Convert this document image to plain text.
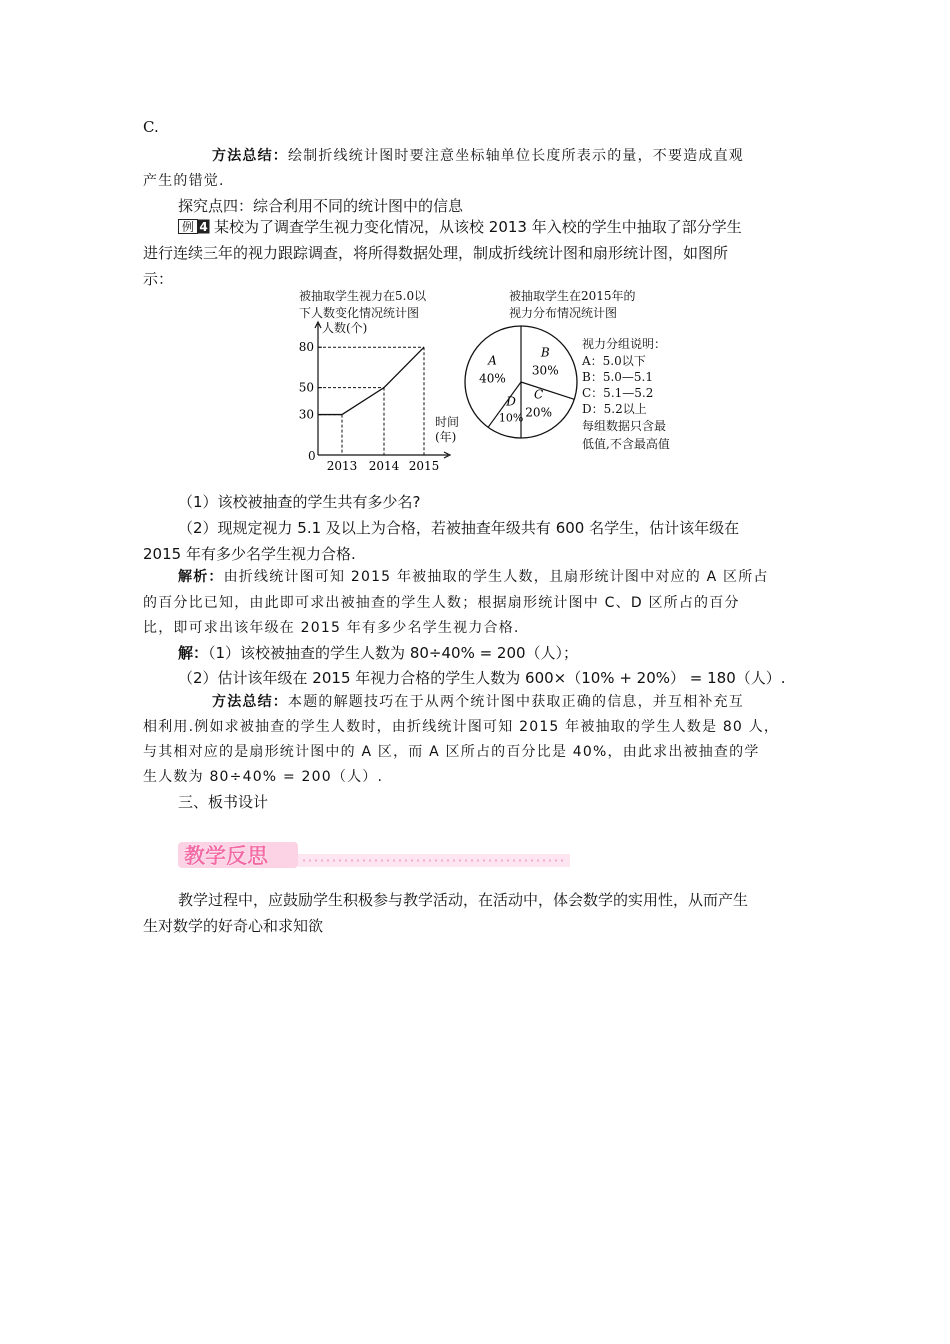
C.

方法总结：绘制折线统计图时要注意坐标轴单位长度所表示的量，不要造成直观

产生的错觉.

探究点四：综合利用不同的统计图中的信息

例 4
例4
某校为了调查学生视力变化情况，从该校 2013 年入校的学生中抽取了部分学生

进行连续三年的视力跟踪调查，将所得数据处理，制成折线统计图和扇形统计图，如图所

示：

被抽取学生视力在5.0以
下人数变化情况统计图
被抽取学生在2015年的
视力分布情况统计图
人数(个)
时间
(年)
0
30
50
80
2013 2014 2015
A
40%
B
30%
C
20%
D
10%
视力分组说明：
A：5.0以下
B：5.0—5.1
C：5.1—5.2
D：5.2以上
每组数据只含最
低值,不含最高值

（1）该校被抽查的学生共有多少名?

（2）现规定视力 5.1 及以上为合格，若被抽查年级共有 600 名学生，估计该年级在

2015 年有多少名学生视力合格.

解析：由折线统计图可知 2015 年被抽取的学生人数，且扇形统计图中对应的 A 区所占

的百分比已知，由此即可求出被抽查的学生人数；根据扇形统计图中 C、D 区所占的百分

比，即可求出该年级在 2015 年有多少名学生视力合格.

解：（1）该校被抽查的学生人数为 80÷40% = 200（人）；

（2）估计该年级在 2015 年视力合格的学生人数为 600×（10% + 20%） = 180（人）.

方法总结：本题的解题技巧在于从两个统计图中获取正确的信息，并互相补充互

相利用.例如求被抽查的学生人数时，由折线统计图可知 2015 年被抽取的学生人数是 80 人，

与其相对应的是扇形统计图中的 A 区，而 A 区所占的百分比是 40%，由此求出被抽查的学

生人数为 80÷40% = 200（人）.

三、板书设计

教学反思

教学过程中，应鼓励学生积极参与教学活动，在活动中，体会数学的实用性，从而产生

生对数学的好奇心和求知欲
